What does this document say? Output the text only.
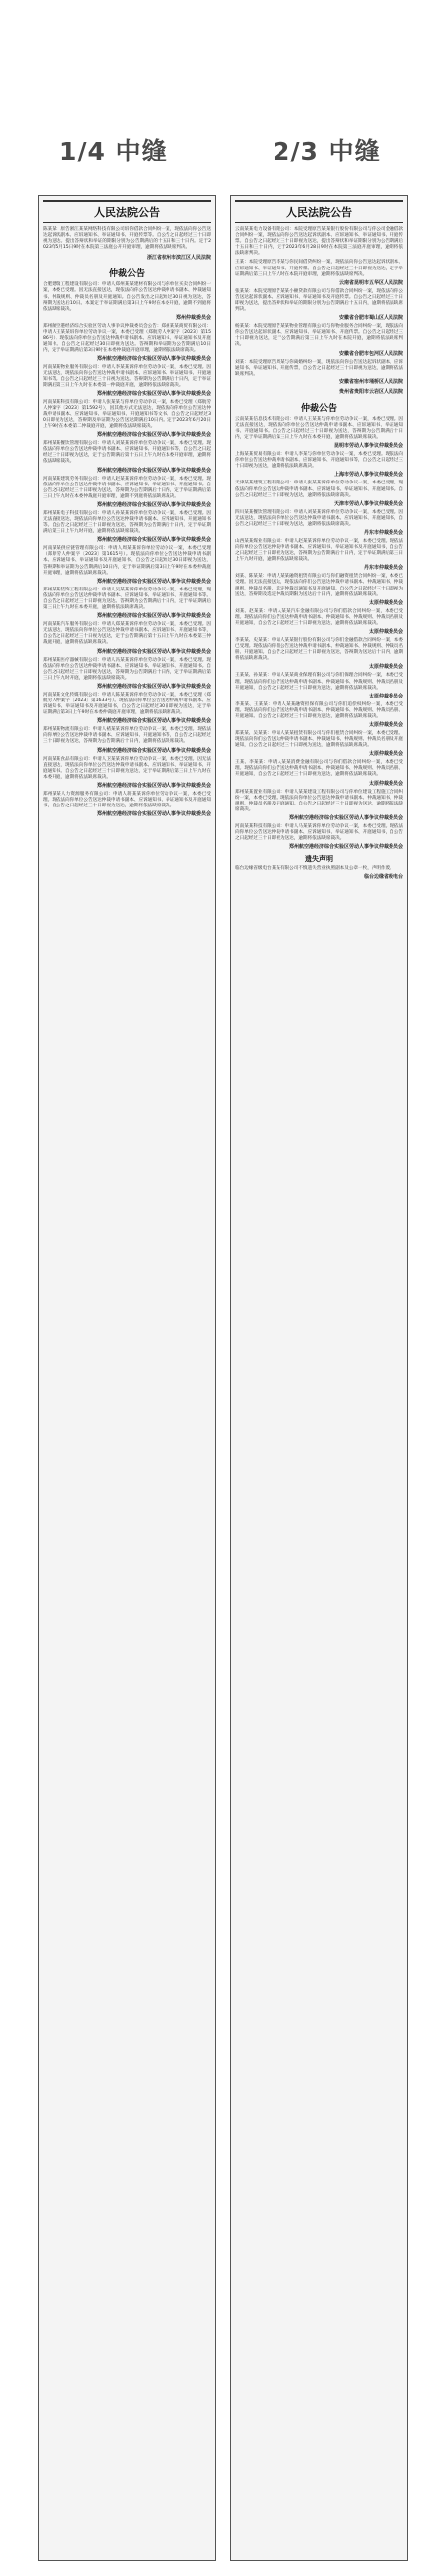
1/4 中缝	2/3 中缝
人民法院公告
陈某某：原告浙江某某网络科技有限公司诉你借款合同纠纷一案，现依法向你公告送达起诉状副本、应诉通知书、举证通知书、开庭传票等。自公告之日起经过三十日即视为送达。提出答辩状和举证的期限分别为公告期满后的十五日和三十日内。定于2023年5月15日9时在本院第三法庭公开开庭审理，逾期将依法缺席判决。
浙江省杭州市滨江区人民法院
仲裁公告
合肥建瑞工程建设有限公司：申请人郑州某某建材有限公司与你单位买卖合同纠纷一案，本委已受理。因无法直接送达，现依法向你公告送达仲裁申请书副本、仲裁通知书、仲裁规则、仲裁员名册及开庭通知。自公告发出之日起经过30日视为送达，答辩期为送达后10日。本案定于举证期满后第3日上午9时在本委开庭，逾期不到庭将依法缺席裁决。
郑州仲裁委员会
郑州航空港经济综合实验区劳动人事争议仲裁委员会公告：郑州某某商贸有限公司：申请人王某某诉你单位劳动争议一案，本委已受理（郑航劳人仲案字〔2023〕第1586号）。现依法向你单位公告送达仲裁申请书副本、应诉通知书、举证通知书及开庭通知书。自公告之日起经过30日即视为送达。答辩期和举证期为公告期满后10日内，定于举证期满后第3日9时在本委仲裁庭开庭审理，逾期将依法缺席裁决。
郑州航空港经济综合实验区劳动人事争议仲裁委员会
河南某某物业服务有限公司：申请人李某某诉你单位劳动争议一案，本委已受理。因无法送达，现依法向你公告送达仲裁申请书副本、应诉通知书、举证通知书、开庭通知书等。自公告之日起经过三十日视为送达。答辩期为公告期满后十日内，定于举证期满后第三日上午九时在本委第一仲裁庭开庭，逾期将依法缺席裁决。
郑州航空港经济综合实验区劳动人事争议仲裁委员会
河南某某科技有限公司：申请人张某某与你单位劳动争议一案，本委已受理（郑航劳人仲案字〔2023〕第1592号），因其他方式无法送达，现依法向你单位公告送达仲裁申请书副本、应诉通知书、举证通知书、开庭通知书等文书。自公告之日起经过30日即视为送达，答辩期及举证期为公告送达期满后10日内。定于2023年6月20日上午9时在本委第二仲裁庭开庭，逾期将依法缺席裁决。
郑州航空港经济综合实验区劳动人事争议仲裁委员会
郑州某某餐饮管理有限公司：申请人刘某某诉你单位劳动争议一案，本委已受理。现依法向你单位公告送达仲裁申请书副本、应诉通知书、开庭通知书等，自公告之日起经过三十日即视为送达，定于公告期满后第十五日上午九时在本委开庭审理，逾期将依法缺席裁决。
郑州航空港经济综合实验区劳动人事争议仲裁委员会
河南某某建筑劳务有限公司：申请人赵某某诉你单位劳动争议一案，本委已受理。现依法向你单位公告送达仲裁申请书副本、应诉通知书、举证通知书、开庭通知书。自公告之日起经过三十日即视为送达，答辩期为公告期满后十日内，定于举证期满后第三日上午九时在本委仲裁庭开庭审理，逾期不到庭将依法缺席裁决。
郑州航空港经济综合实验区劳动人事争议仲裁委员会
郑州某某电子科技有限公司：申请人孙某某诉你单位劳动争议一案，本委已受理。因无法直接送达，现依法向你单位公告送达仲裁申请书副本、应诉通知书、开庭通知书等。自公告之日起经过三十日即视为送达，答辩期为公告期满后十日内，定于举证期满后第三日上午九时开庭，逾期将依法缺席裁决。
郑州航空港经济综合实验区劳动人事争议仲裁委员会
河南某某供应链管理有限公司：申请人周某某诉你单位劳动争议一案，本委已受理（郑航劳人仲案字〔2023〕第1615号）。现依法向你单位公告送达仲裁申请书副本、应诉通知书、举证通知书及开庭通知书，自公告之日起经过30日即视为送达，答辩期和举证期为公告期满后10日内，定于举证期满后第3日上午9时在本委仲裁庭开庭审理，逾期将依法缺席裁决。
郑州航空港经济综合实验区劳动人事争议仲裁委员会
郑州某某装饰工程有限公司：申请人吴某某诉你单位劳动争议一案，本委已受理。现依法向你单位公告送达仲裁申请书副本、应诉通知书、举证通知书、开庭通知书等。自公告之日起经过三十日即视为送达。答辩期为公告期满后十日内，定于举证期满后第三日上午九时在本委开庭，逾期将依法缺席裁决。
郑州航空港经济综合实验区劳动人事争议仲裁委员会
河南某某汽车服务有限公司：申请人郑某某诉你单位劳动争议一案，本委已受理。因无法送达，现依法向你单位公告送达仲裁申请书副本、应诉通知书、开庭通知书等，自公告之日起经过三十日视为送达，定于公告期满后第十五日上午九时在本委第三仲裁庭开庭，逾期将依法缺席裁决。
郑州航空港经济综合实验区劳动人事争议仲裁委员会
郑州某某医疗器械有限公司：申请人冯某某诉你单位劳动争议一案，本委已受理。现依法向你单位公告送达仲裁申请书副本、应诉通知书、举证通知书、开庭通知书。自公告之日起经过三十日即视为送达，答辩期为公告期满后十日内，定于举证期满后第三日上午九时开庭，逾期将依法缺席裁决。
郑州航空港经济综合实验区劳动人事争议仲裁委员会
河南某某文化传媒有限公司：申请人陈某某诉你单位劳动争议一案，本委已受理（郑航劳人仲案字〔2023〕第1633号）。现依法向你单位公告送达仲裁申请书副本、应诉通知书、举证通知书及开庭通知书，自公告之日起经过30日即视为送达，定于举证期满后第3日上午9时在本委仲裁庭开庭审理，逾期将依法缺席裁决。
郑州航空港经济综合实验区劳动人事争议仲裁委员会
郑州某某物流有限公司：申请人褚某某诉你单位劳动争议一案，本委已受理。现依法向你单位公告送达仲裁申请书副本、应诉通知书、开庭通知书等，自公告之日起经过三十日即视为送达，答辩期为公告期满后十日内，逾期将依法缺席裁决。
郑州航空港经济综合实验区劳动人事争议仲裁委员会
河南某某食品有限公司：申请人卫某某诉你单位劳动争议一案，本委已受理。因无法直接送达，现依法向你单位公告送达仲裁申请书副本、应诉通知书、举证通知书、开庭通知书。自公告之日起经过三十日即视为送达，定于举证期满后第三日上午九时在本委开庭，逾期将依法缺席裁决。
郑州航空港经济综合实验区劳动人事争议仲裁委员会
郑州某某人力资源服务有限公司：申请人蒋某某诉你单位劳动争议一案，本委已受理。现依法向你单位公告送达仲裁申请书副本、应诉通知书、举证通知书及开庭通知书，自公告之日起经过三十日即视为送达，逾期将依法缺席裁决。
郑州航空港经济综合实验区劳动人事争议仲裁委员会
人民法院公告
云南某某电力设备有限公司：本院受理原告某某银行股份有限公司与你公司金融借款合同纠纷一案，现依法向你公告送达起诉状副本、应诉通知书、举证通知书、开庭传票。自公告之日起经过三十日即视为送达，提出答辩状和举证期限分别为公告期满后十五日和三十日内，定于2023年6月28日9时在本院第三法庭开庭审理，逾期将依法缺席判决。
王某：本院受理原告李某与你民间借贷纠纷一案，现依法向你公告送达起诉状副本、应诉通知书、举证通知书、开庭传票。自公告之日起经过三十日即视为送达，定于举证期满后第三日上午九时在本院开庭审理，逾期将依法缺席判决。
云南省昆明市五华区人民法院
张某某：本院受理原告某某小额贷款有限公司与你借款合同纠纷一案，现依法向你公告送达起诉状副本、应诉通知书、举证通知书及开庭传票。自公告之日起经过三十日即视为送达，提出答辩状和举证的期限分别为公告期满后十五日内，逾期将依法缺席判决。
安徽省合肥市蜀山区人民法院
杨某某：本院受理原告某某物业管理有限公司与你物业服务合同纠纷一案，现依法向你公告送达起诉状副本、应诉通知书、举证通知书、开庭传票。自公告之日起经过三十日即视为送达，定于公告期满后第三日上午九时在本院开庭，逾期将依法缺席判决。
安徽省合肥市包河区人民法院
刘某：本院受理原告周某与你离婚纠纷一案，现依法向你公告送达起诉状副本、应诉通知书、举证通知书、开庭传票，自公告之日起经过三十日即视为送达，逾期将依法缺席判决。
安徽省宿州市埇桥区人民法院
贵州省贵阳市云岩区人民法院
仲裁公告
云南某某信息技术有限公司：申请人王某某与你单位劳动争议一案，本委已受理。因无法直接送达，现依法向你单位公告送达仲裁申请书副本、应诉通知书、举证通知书、开庭通知书。自公告之日起经过三十日即视为送达，答辩期为公告期满后十日内，定于举证期满后第三日上午九时在本委开庭，逾期将依法缺席裁决。
昆明市劳动人事争议仲裁委员会
上海某某贸易有限公司：申请人李某与你单位劳动争议一案，本委已受理。现依法向你单位公告送达仲裁申请书副本、应诉通知书、开庭通知书等，自公告之日起经过三十日即视为送达，逾期将依法缺席裁决。
上海市劳动人事争议仲裁委员会
天津某某建筑工程有限公司：申请人张某某诉你单位劳动争议一案，本委已受理。现依法向你单位公告送达仲裁申请书副本、应诉通知书、举证通知书、开庭通知书。自公告之日起经过三十日即视为送达，逾期将依法缺席裁决。
天津市劳动人事争议仲裁委员会
四川某某餐饮管理有限公司：申请人刘某某诉你单位劳动争议一案，本委已受理。因无法送达，现依法向你单位公告送达仲裁申请书副本、应诉通知书、开庭通知书，自公告之日起经过三十日即视为送达，逾期将依法缺席裁决。
丹东市仲裁委员会
山西某某煤业有限公司：申请人赵某某诉你单位劳动争议一案，本委已受理。现依法向你单位公告送达仲裁申请书副本、应诉通知书、举证通知书及开庭通知书，自公告之日起经过三十日即视为送达，答辩期为公告期满后十日内，定于举证期满后第三日上午九时开庭，逾期将依法缺席裁决。
丹东市仲裁委员会
刘某、陈某某：申请人某某融资租赁有限公司与你们融资租赁合同纠纷一案，本委已受理。因无法直接送达，现依法向你们公告送达仲裁申请书副本、仲裁通知书、仲裁规则、仲裁员名册、选定仲裁员通知书及开庭通知。自公告之日起经过三十日即视为送达，答辩期及选定仲裁员期限为送达后十日内，逾期将依法缺席裁决。
太原仲裁委员会
刘某、赵某某：申请人某某汽车金融有限公司与你们借款合同纠纷一案，本委已受理。现依法向你们公告送达仲裁申请书副本、仲裁通知书、仲裁规则、仲裁员名册及开庭通知，自公告之日起经过三十日即视为送达，逾期将依法缺席裁决。
太原仲裁委员会
李某某、史某某：申请人某某银行股份有限公司与你们金融借款合同纠纷一案，本委已受理。现依法向你们公告送达仲裁申请书副本、仲裁通知书、仲裁规则、仲裁员名册、开庭通知。自公告之日起经过三十日即视为送达，答辩期为送达后十日内，逾期将依法缺席裁决。
太原仲裁委员会
王某某、孙某某：申请人某某商业保理有限公司与你们保理合同纠纷一案，本委已受理。现依法向你们公告送达仲裁申请书副本、仲裁通知书、仲裁规则、仲裁员名册及开庭通知，自公告之日起经过三十日即视为送达，逾期将依法缺席裁决。
太原仲裁委员会
李某某、王某某：申请人某某融资担保有限公司与你们追偿权纠纷一案，本委已受理。现依法向你们公告送达仲裁申请书副本、仲裁通知书、仲裁规则、仲裁员名册、开庭通知。自公告之日起经过三十日即视为送达，逾期将依法缺席裁决。
太原仲裁委员会
郑某某、吴某某：申请人某某租赁有限公司与你们租赁合同纠纷一案，本委已受理。现依法向你们公告送达仲裁申请书副本、仲裁通知书、仲裁规则、仲裁员名册及开庭通知，自公告之日起经过三十日即视为送达，逾期将依法缺席裁决。
太原仲裁委员会
王某、李某某：申请人某某消费金融有限公司与你们借款合同纠纷一案，本委已受理。现依法向你们公告送达仲裁申请书副本、仲裁通知书、仲裁规则、仲裁员名册、开庭通知，自公告之日起经过三十日即视为送达，逾期将依法缺席裁决。
太原仲裁委员会
郑州某某置业有限公司：申请人某某建设工程有限公司与你单位建设工程施工合同纠纷一案，本委已受理。现依法向你单位公告送达仲裁申请书副本、仲裁通知书、仲裁规则、仲裁员名册及开庭通知。自公告之日起经过三十日即视为送达，逾期将依法缺席裁决。
郑州航空港经济综合实验区劳动人事争议仲裁委员会
河南某某科技有限公司：申请人马某某诉你单位劳动争议一案，本委已受理。现依法向你单位公告送达仲裁申请书副本、应诉通知书、举证通知书、开庭通知书，自公告之日起经过三十日即视为送达，逾期将依法缺席裁决。
郑州航空港经济综合实验区劳动人事争议仲裁委员会
遗失声明
临台边缘省级电台某某有限公司不慎遗失营业执照副本及公章一枚，声明作废。
临台边缘省级电台
